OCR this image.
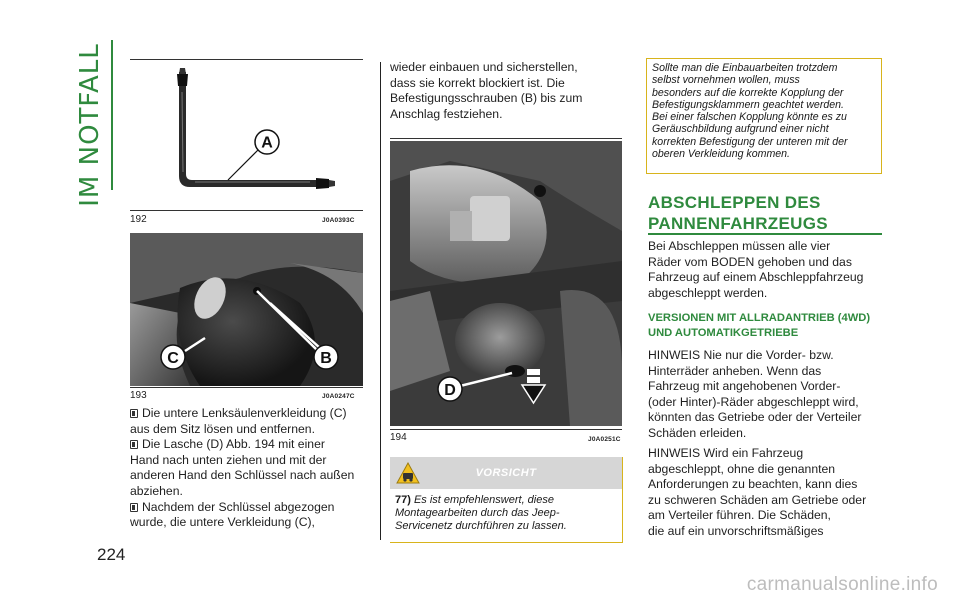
IM NOTFALL
224
A
192	J0A0393C
B
C
193	J0A0247C

Die untere Lenksäulenverkleidung (C)

aus dem Sitz lösen und entfernen.

Die Lasche (D) Abb. 194 mit einer

Hand nach unten ziehen und mit der

anderen Hand den Schlüssel nach außen

abziehen.

Nachdem der Schlüssel abgezogen

wurde, die untere Verkleidung (C),

wieder einbauen und sicherstellen,

dass sie korrekt blockiert ist. Die

Befestigungsschrauben (B) bis zum

Anschlag festziehen.

D
194	J0A0251C
VORSICHT
77) Es ist empfehlenswert, diese
Montagearbeiten durch das Jeep-
Servicenetz durchführen zu lassen.
Sollte man die Einbauarbeiten trotzdem
selbst vornehmen wollen, muss
besonders auf die korrekte Kopplung der
Befestigungsklammern geachtet werden.
Bei einer falschen Kopplung könnte es zu
Geräuschbildung aufgrund einer nicht
korrekten Befestigung der unteren mit der
oberen Verkleidung kommen.
ABSCHLEPPEN DES
PANNENFAHRZEUGS

Bei Abschleppen müssen alle vier

Räder vom BODEN gehoben und das

Fahrzeug auf einem Abschleppfahrzeug

abgeschleppt werden.

VERSIONEN MIT ALLRADANTRIEB (4WD)
UND AUTOMATIKGETRIEBE

HINWEIS Nie nur die Vorder- bzw.

Hinterräder anheben. Wenn das

Fahrzeug mit angehobenen Vorder-

(oder Hinter)-Räder abgeschleppt wird,

könnten das Getriebe oder der Verteiler

Schäden erleiden.

HINWEIS Wird ein Fahrzeug

abgeschleppt, ohne die genannten

Anforderungen zu beachten, kann dies

zu schweren Schäden am Getriebe oder

am Verteiler führen. Die Schäden,

die auf ein unvorschriftsmäßiges

carmanualsonline.info
